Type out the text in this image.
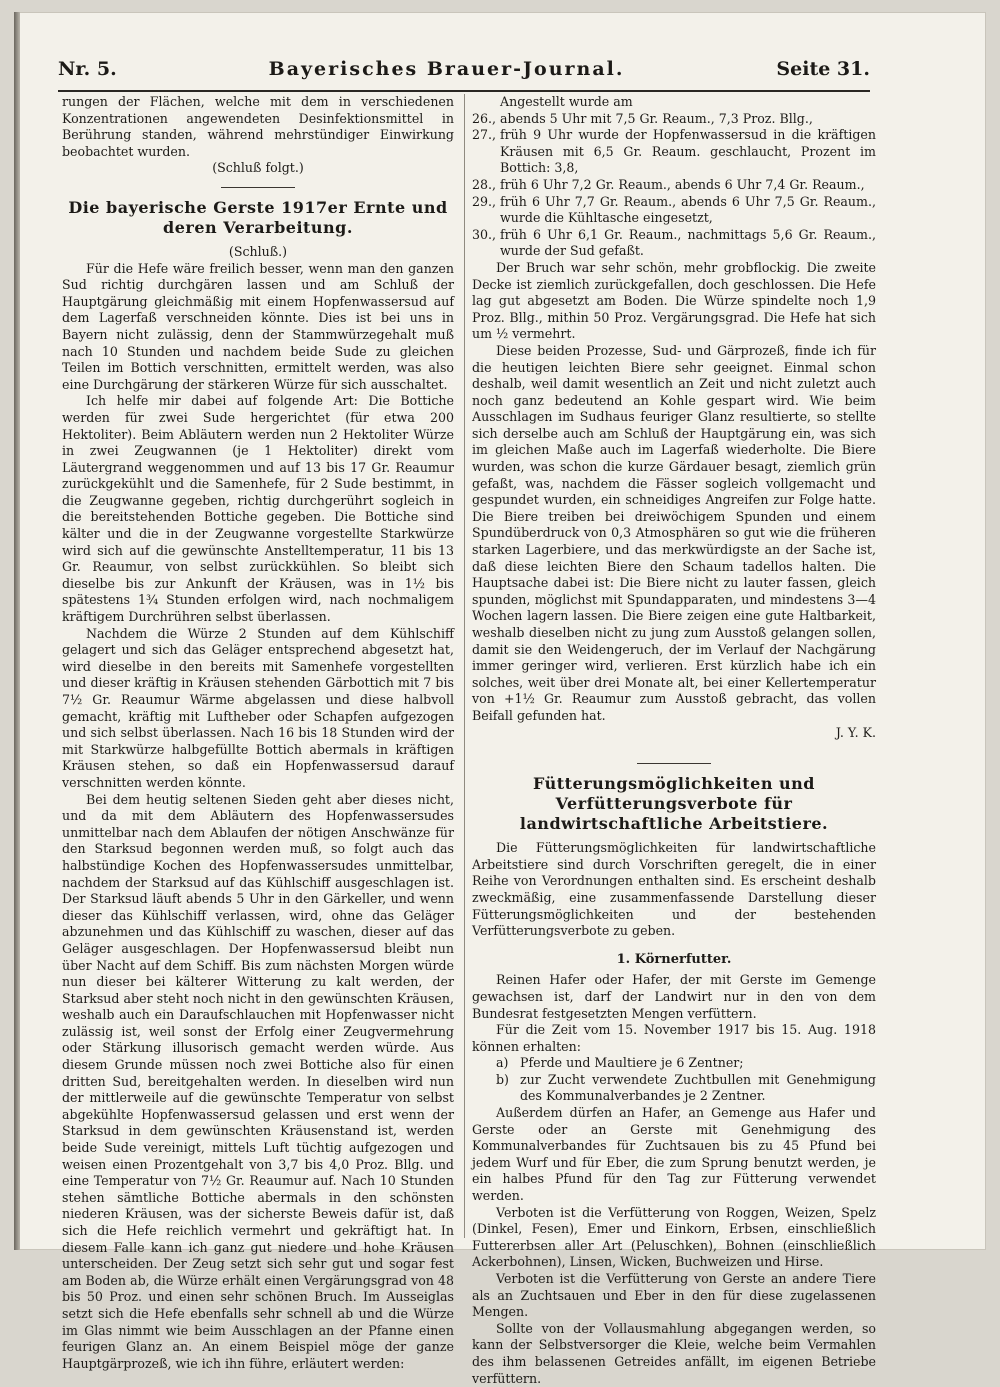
Nr. 5.	Bayerisches Brauer-Journal.	Seite 31.

rungen der Flächen, welche mit dem in verschiedenen Konzentrationen angewendeten Desinfektionsmittel in Berührung standen, während mehrstündiger Einwirkung beobachtet wurden.

(Schluß folgt.)

Die bayerische Gerste 1917er Ernte und deren Verarbeitung.

(Schluß.)

Für die Hefe wäre freilich besser, wenn man den ganzen Sud richtig durchgären lassen und am Schluß der Hauptgärung gleichmäßig mit einem Hopfenwassersud auf dem Lagerfaß verschneiden könnte. Dies ist bei uns in Bayern nicht zulässig, denn der Stammwürzegehalt muß nach 10 Stunden und nachdem beide Sude zu gleichen Teilen im Bottich verschnitten, ermittelt werden, was also eine Durchgärung der stärkeren Würze für sich ausschaltet.

Ich helfe mir dabei auf folgende Art: Die Bottiche werden für zwei Sude hergerichtet (für etwa 200 Hektoliter). Beim Abläutern werden nun 2 Hektoliter Würze in zwei Zeugwannen (je 1 Hektoliter) direkt vom Läutergrand weggenommen und auf 13 bis 17 Gr. Reaumur zurückgekühlt und die Samenhefe, für 2 Sude bestimmt, in die Zeugwanne gegeben, richtig durchgerührt sogleich in die bereitstehenden Bottiche gegeben. Die Bottiche sind kälter und die in der Zeugwanne vorgestellte Starkwürze wird sich auf die gewünschte Anstelltemperatur, 11 bis 13 Gr. Reaumur, von selbst zurückkühlen. So bleibt sich dieselbe bis zur Ankunft der Kräusen, was in 1½ bis spätestens 1¾ Stunden erfolgen wird, nach nochmaligem kräftigem Durchrühren selbst überlassen.

Nachdem die Würze 2 Stunden auf dem Kühlschiff gelagert und sich das Geläger entsprechend abgesetzt hat, wird dieselbe in den bereits mit Samenhefe vorgestellten und dieser kräftig in Kräusen stehenden Gärbottich mit 7 bis 7½ Gr. Reaumur Wärme abgelassen und diese halbvoll gemacht, kräftig mit Luftheber oder Schapfen aufgezogen und sich selbst überlassen. Nach 16 bis 18 Stunden wird der mit Starkwürze halbgefüllte Bottich abermals in kräftigen Kräusen stehen, so daß ein Hopfenwassersud darauf verschnitten werden könnte.

Bei dem heutig seltenen Sieden geht aber dieses nicht, und da mit dem Abläutern des Hopfenwassersudes unmittelbar nach dem Ablaufen der nötigen Anschwänze für den Starksud begonnen werden muß, so folgt auch das halbstündige Kochen des Hopfenwassersudes unmittelbar, nachdem der Starksud auf das Kühlschiff ausgeschlagen ist. Der Starksud läuft abends 5 Uhr in den Gärkeller, und wenn dieser das Kühlschiff verlassen, wird, ohne das Geläger abzunehmen und das Kühlschiff zu waschen, dieser auf das Geläger ausgeschlagen. Der Hopfenwassersud bleibt nun über Nacht auf dem Schiff. Bis zum nächsten Morgen würde nun dieser bei kälterer Witterung zu kalt werden, der Starksud aber steht noch nicht in den gewünschten Kräusen, weshalb auch ein Daraufschlauchen mit Hopfenwasser nicht zulässig ist, weil sonst der Erfolg einer Zeugvermehrung oder Stärkung illusorisch gemacht werden würde. Aus diesem Grunde müssen noch zwei Bottiche also für einen dritten Sud, bereitgehalten werden. In dieselben wird nun der mittlerweile auf die gewünschte Temperatur von selbst abgekühlte Hopfenwassersud gelassen und erst wenn der Starksud in dem gewünschten Kräusenstand ist, werden beide Sude vereinigt, mittels Luft tüchtig aufgezogen und weisen einen Prozentgehalt von 3,7 bis 4,0 Proz. Bllg. und eine Temperatur von 7½ Gr. Reaumur auf. Nach 10 Stunden stehen sämtliche Bottiche abermals in den schönsten niederen Kräusen, was der sicherste Beweis dafür ist, daß sich die Hefe reichlich vermehrt und gekräftigt hat. In diesem Falle kann ich ganz gut niedere und hohe Kräusen unterscheiden. Der Zeug setzt sich sehr gut und sogar fest am Boden ab, die Würze erhält einen Vergärungsgrad von 48 bis 50 Proz. und einen sehr schönen Bruch. Im Ausseiglas setzt sich die Hefe ebenfalls sehr schnell ab und die Würze im Glas nimmt wie beim Ausschlagen an der Pfanne einen feurigen Glanz an. An einem Beispiel möge der ganze Hauptgärprozeß, wie ich ihn führe, erläutert werden:

Angestellt wurde am

26., abends 5 Uhr mit 7,5 Gr. Reaum., 7,3 Proz. Bllg.,
27., früh 9 Uhr wurde der Hopfenwassersud in die kräftigen Kräusen mit 6,5 Gr. Reaum. geschlaucht, Prozent im Bottich: 3,8,
28., früh 6 Uhr 7,2 Gr. Reaum., abends 6 Uhr 7,4 Gr. Reaum.,
29., früh 6 Uhr 7,7 Gr. Reaum., abends 6 Uhr 7,5 Gr. Reaum., wurde die Kühltasche eingesetzt,
30., früh 6 Uhr 6,1 Gr. Reaum., nachmittags 5,6 Gr. Reaum., wurde der Sud gefaßt.

Der Bruch war sehr schön, mehr grobflockig. Die zweite Decke ist ziemlich zurückgefallen, doch geschlossen. Die Hefe lag gut abgesetzt am Boden. Die Würze spindelte noch 1,9 Proz. Bllg., mithin 50 Proz. Vergärungsgrad. Die Hefe hat sich um ½ vermehrt.

Diese beiden Prozesse, Sud- und Gärprozeß, finde ich für die heutigen leichten Biere sehr geeignet. Einmal schon deshalb, weil damit wesentlich an Zeit und nicht zuletzt auch noch ganz bedeutend an Kohle gespart wird. Wie beim Ausschlagen im Sudhaus feuriger Glanz resultierte, so stellte sich derselbe auch am Schluß der Hauptgärung ein, was sich im gleichen Maße auch im Lagerfaß wiederholte. Die Biere wurden, was schon die kurze Gärdauer besagt, ziemlich grün gefaßt, was, nachdem die Fässer sogleich vollgemacht und gespundet wurden, ein schneidiges Angreifen zur Folge hatte. Die Biere treiben bei dreiwöchigem Spunden und einem Spundüberdruck von 0,3 Atmosphären so gut wie die früheren starken Lagerbiere, und das merkwürdigste an der Sache ist, daß diese leichten Biere den Schaum tadellos halten. Die Hauptsache dabei ist: Die Biere nicht zu lauter fassen, gleich spunden, möglichst mit Spundapparaten, und mindestens 3—4 Wochen lagern lassen. Die Biere zeigen eine gute Haltbarkeit, weshalb dieselben nicht zu jung zum Ausstoß gelangen sollen, damit sie den Weidengeruch, der im Verlauf der Nachgärung immer geringer wird, verlieren. Erst kürzlich habe ich ein solches, weit über drei Monate alt, bei einer Kellertemperatur von +1½ Gr. Reaumur zum Ausstoß gebracht, das vollen Beifall gefunden hat.

J. Y. K.
Fütterungsmöglichkeiten und Verfütterungsverbote für landwirtschaftliche Arbeitstiere.

Die Fütterungsmöglichkeiten für landwirtschaftliche Arbeitstiere sind durch Vorschriften geregelt, die in einer Reihe von Verordnungen enthalten sind. Es erscheint deshalb zweckmäßig, eine zusammenfassende Darstellung dieser Fütterungsmöglichkeiten und der bestehenden Verfütterungsverbote zu geben.

1. Körnerfutter.

Reinen Hafer oder Hafer, der mit Gerste im Gemenge gewachsen ist, darf der Landwirt nur in den von dem Bundesrat festgesetzten Mengen verfüttern.

Für die Zeit vom 15. November 1917 bis 15. Aug. 1918 können erhalten:

a) Pferde und Maultiere je 6 Zentner;
b) zur Zucht verwendete Zuchtbullen mit Genehmigung des Kommunalverbandes je 2 Zentner.

Außerdem dürfen an Hafer, an Gemenge aus Hafer und Gerste oder an Gerste mit Genehmigung des Kommunalverbandes für Zuchtsauen bis zu 45 Pfund bei jedem Wurf und für Eber, die zum Sprung benutzt werden, je ein halbes Pfund für den Tag zur Fütterung verwendet werden.

Verboten ist die Verfütterung von Roggen, Weizen, Spelz (Dinkel, Fesen), Emer und Einkorn, Erbsen, einschließlich Futtererbsen aller Art (Peluschken), Bohnen (einschließlich Ackerbohnen), Linsen, Wicken, Buchweizen und Hirse.

Verboten ist die Verfütterung von Gerste an andere Tiere als an Zuchtsauen und Eber in den für diese zugelassenen Mengen.

Sollte von der Vollausmahlung abgegangen werden, so kann der Selbstversorger die Kleie, welche beim Vermahlen des ihm belassenen Getreides anfällt, im eigenen Betriebe verfüttern.
